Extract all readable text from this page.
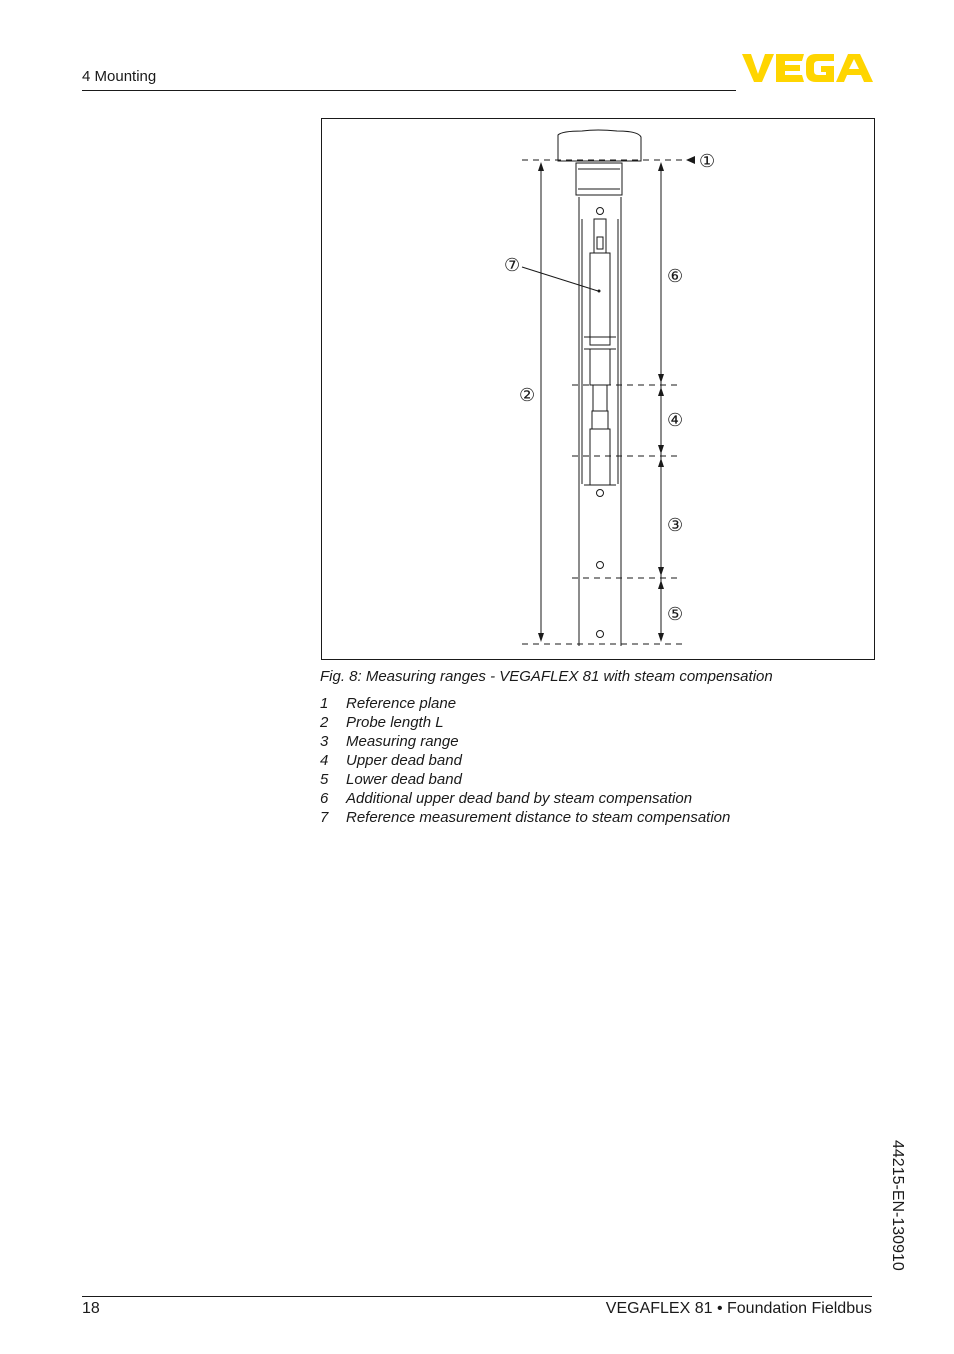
4 Mounting
①
②
③
④
⑤
⑥
⑦
Fig. 8: Measuring ranges - VEGAFLEX 81 with steam compensation
1 Reference plane
2 Probe length L
3 Measuring range
4 Upper dead band
5 Lower dead band
6 Additional upper dead band by steam compensation
7 Reference measurement distance to steam compensation
44215-EN-130910
18	VEGAFLEX 81 • Foundation Fieldbus
